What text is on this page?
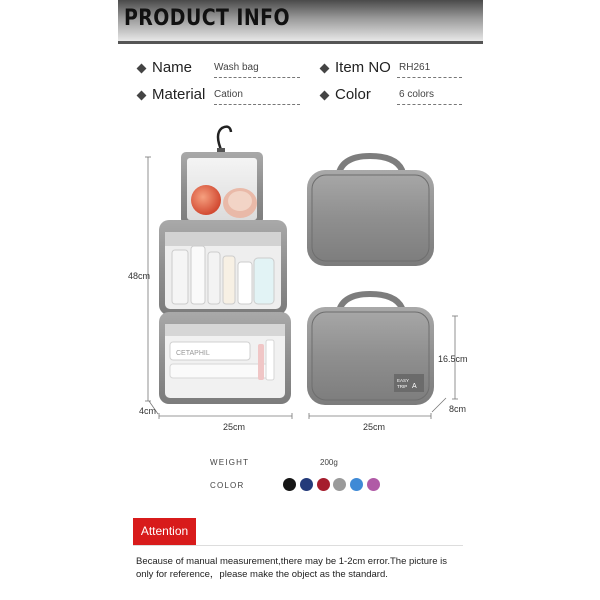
PRODUCT INFO
Name Wash bag	Item NO RH261
Material Cation	Color	6 colors
CETAPHIL
EASY
TRIP A
48cm
4cm
25cm
16.5cm
8cm
25cm
WEIGHT	200g
COLOR
Attention
Because of manual measurement,there may be 1-2cm error.The picture is only for reference，please make the object as the standard.
